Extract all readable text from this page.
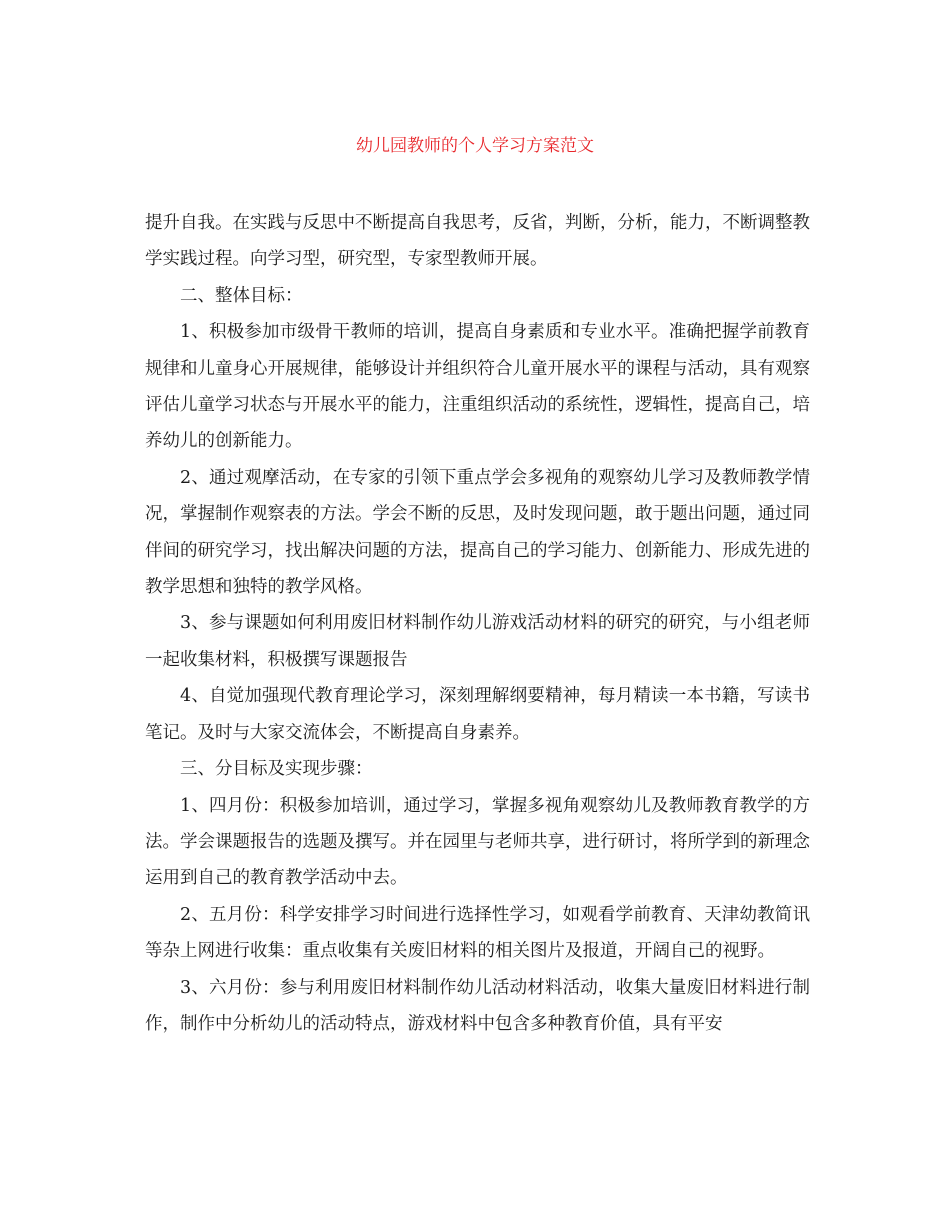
幼儿园教师的个人学习方案范文

提升自我。在实践与反思中不断提高自我思考，反省，判断，分析，能力，不断调整教学实践过程。向学习型，研究型，专家型教师开展。

二、整体目标：

1、积极参加市级骨干教师的培训，提高自身素质和专业水平。准确把握学前教育规律和儿童身心开展规律，能够设计并组织符合儿童开展水平的课程与活动，具有观察评估儿童学习状态与开展水平的能力，注重组织活动的系统性，逻辑性，提高自己，培养幼儿的创新能力。

2、通过观摩活动，在专家的引领下重点学会多视角的观察幼儿学习及教师教学情况，掌握制作观察表的方法。学会不断的反思，及时发现问题，敢于题出问题，通过同伴间的研究学习，找出解决问题的方法，提高自己的学习能力、创新能力、形成先进的教学思想和独特的教学风格。

3、参与课题如何利用废旧材料制作幼儿游戏活动材料的研究的研究，与小组老师一起收集材料，积极撰写课题报告

4、自觉加强现代教育理论学习，深刻理解纲要精神，每月精读一本书籍，写读书笔记。及时与大家交流体会，不断提高自身素养。

三、分目标及实现步骤：

1、四月份：积极参加培训，通过学习，掌握多视角观察幼儿及教师教育教学的方法。学会课题报告的选题及撰写。并在园里与老师共享，进行研讨，将所学到的新理念运用到自己的教育教学活动中去。

2、五月份：科学安排学习时间进行选择性学习，如观看学前教育、天津幼教简讯等杂上网进行收集：重点收集有关废旧材料的相关图片及报道，开阔自己的视野。

3、六月份：参与利用废旧材料制作幼儿活动材料活动，收集大量废旧材料进行制作，制作中分析幼儿的活动特点，游戏材料中包含多种教育价值，具有平安
